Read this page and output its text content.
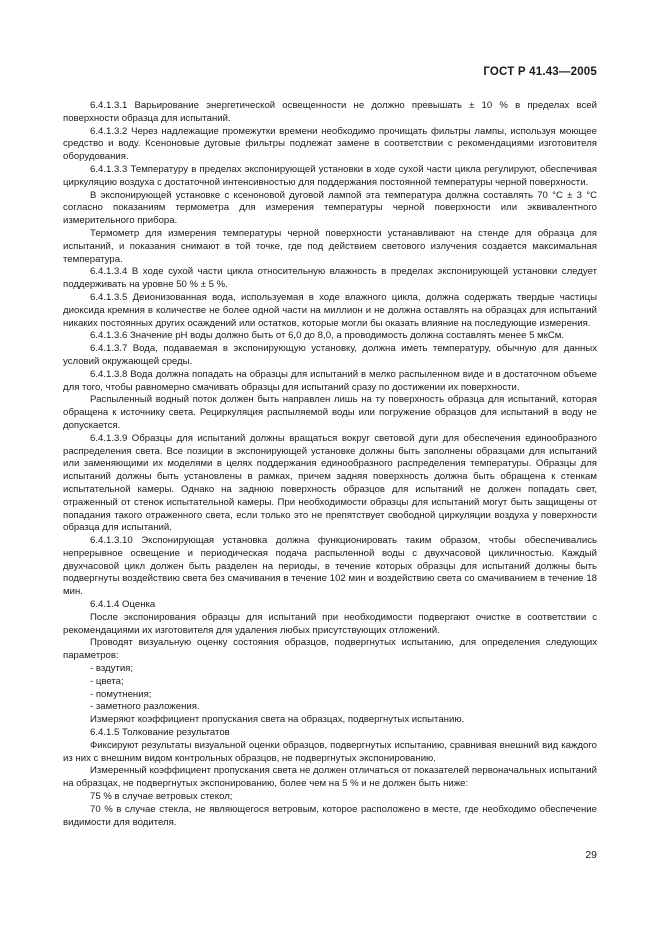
ГОСТ Р 41.43—2005

6.4.1.3.1 Варьирование энергетической освещенности не должно превышать ± 10 % в пределах всей поверхности образца для испытаний.

6.4.1.3.2 Через надлежащие промежутки времени необходимо прочищать фильтры лампы, используя моющее средство и воду. Ксеноновые дуговые фильтры подлежат замене в соответствии с рекомендациями изготовителя оборудования.

6.4.1.3.3 Температуру в пределах экспонирующей установки в ходе сухой части цикла регулируют, обеспечивая циркуляцию воздуха с достаточной интенсивностью для поддержания постоянной температуры черной поверхности.

В экспонирующей установке с ксеноновой дуговой лампой эта температура должна составлять 70 °С ± 3 °С согласно показаниям термометра для измерения температуры черной поверхности или эквивалентного измерительного прибора.

Термометр для измерения температуры черной поверхности устанавливают на стенде для образца для испытаний, и показания снимают в той точке, где под действием светового излучения создается максимальная температура.

6.4.1.3.4 В ходе сухой части цикла относительную влажность в пределах экспонирующей установки следует поддерживать на уровне 50 % ± 5 %.

6.4.1.3.5 Деионизованная вода, используемая в ходе влажного цикла, должна содержать твердые частицы диоксида кремния в количестве не более одной части на миллион и не должна оставлять на образцах для испытаний никаких постоянных других осаждений или остатков, которые могли бы оказать влияние на последующие измерения.

6.4.1.3.6 Значение рН воды должно быть от 6,0 до 8,0, а проводимость должна составлять менее 5 мкСм.

6.4.1.3.7 Вода, подаваемая в экспонирующую установку, должна иметь температуру, обычную для данных условий окружающей среды.

6.4.1.3.8 Вода должна попадать на образцы для испытаний в мелко распыленном виде и в достаточном объеме для того, чтобы равномерно смачивать образцы для испытаний сразу по достижении их поверхности.

Распыленный водный поток должен быть направлен лишь на ту поверхность образца для испытаний, которая обращена к источнику света. Рециркуляция распыляемой воды или погружение образцов для испытаний в воду не допускается.

6.4.1.3.9 Образцы для испытаний должны вращаться вокруг световой дуги для обеспечения единообразного распределения света. Все позиции в экспонирующей установке должны быть заполнены образцами для испытаний или заменяющими их моделями в целях поддержания единообразного распределения температуры. Образцы для испытаний должны быть установлены в рамках, причем задняя поверхность должна быть обращена к стенкам испытательной камеры. Однако на заднюю поверхность образцов для испытаний не должен попадать свет, отраженный от стенок испытательной камеры. При необходимости образцы для испытаний могут быть защищены от попадания такого отраженного света, если только это не препятствует свободной циркуляции воздуха у поверхности образца для испытаний.

6.4.1.3.10 Экспонирующая установка должна функционировать таким образом, чтобы обеспечивались непрерывное освещение и периодическая подача распыленной воды с двухчасовой цикличностью. Каждый двухчасовой цикл должен быть разделен на периоды, в течение которых образцы для испытаний должны быть подвергнуты воздействию света без смачивания в течение 102 мин и воздействию света со смачиванием в течение 18 мин.

6.4.1.4 Оценка

После экспонирования образцы для испытаний при необходимости подвергают очистке в соответствии с рекомендациями их изготовителя для удаления любых присутствующих отложений.

Проводят визуальную оценку состояния образцов, подвергнутых испытанию, для определения следующих параметров:

- вздутия;

- цвета;

- помутнения;

- заметного разложения.

Измеряют коэффициент пропускания света на образцах, подвергнутых испытанию.

6.4.1.5 Толкование результатов

Фиксируют результаты визуальной оценки образцов, подвергнутых испытанию, сравнивая внешний вид каждого из них с внешним видом контрольных образцов, не подвергнутых экспонированию.

Измеренный коэффициент пропускания света не должен отличаться от показателей первоначальных испытаний на образцах, не подвергнутых экспонированию, более чем на 5 % и не должен быть ниже:

75 % в случае ветровых стекол;

70 % в случае стекла, не являющегося ветровым, которое расположено в месте, где необходимо обеспечение видимости для водителя.

29
